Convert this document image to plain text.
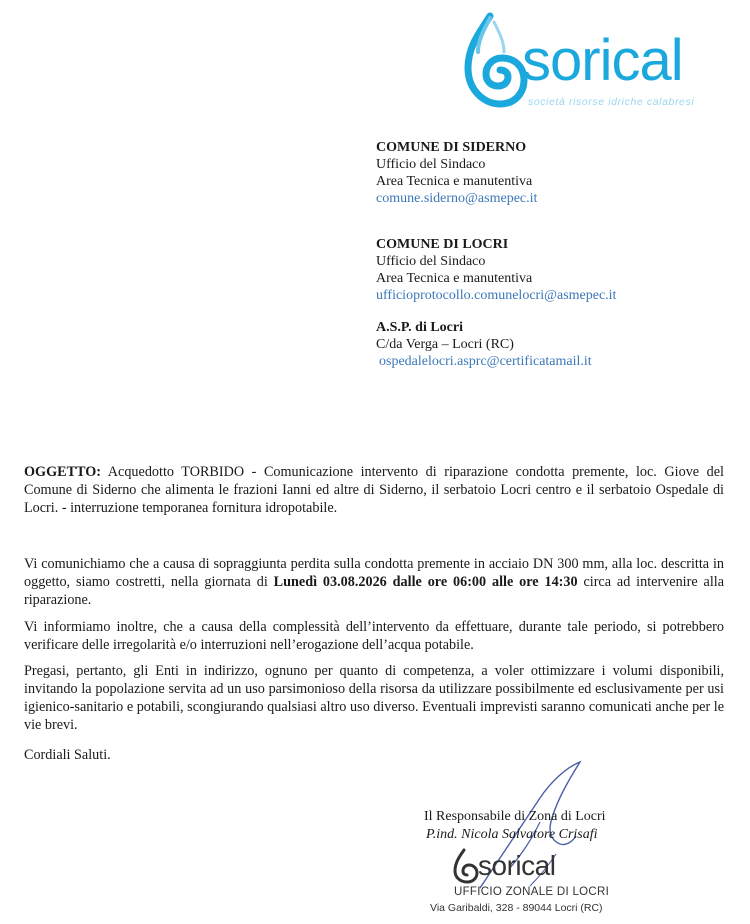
sorical
società risorse idriche calabresi
COMUNE DI SIDERNO
Ufficio del Sindaco
Area Tecnica e manutentiva
comune.siderno@asmepec.it
COMUNE DI LOCRI
Ufficio del Sindaco
Area Tecnica e manutentiva
ufficioprotocollo.comunelocri@asmepec.it
A.S.P. di Locri
C/da Verga – Locri (RC)
ospedalelocri.asprc@certificatamail.it
OGGETTO: Acquedotto TORBIDO - Comunicazione intervento di riparazione condotta premente, loc. Giove del Comune di Siderno che alimenta le frazioni Ianni ed altre di Siderno, il serbatoio Locri centro e il serbatoio Ospedale di Locri. - interruzione temporanea fornitura idropotabile.
Vi comunichiamo che a causa di sopraggiunta perdita sulla condotta premente in acciaio DN 300 mm, alla loc. descritta in oggetto, siamo costretti, nella giornata di Lunedì 03.08.2026 dalle ore 06:00 alle ore 14:30 circa ad intervenire alla riparazione.
Vi informiamo inoltre, che a causa della complessità dell’intervento da effettuare, durante tale periodo, si potrebbero verificare delle irregolarità e/o interruzioni nell’erogazione dell’acqua potabile.
Pregasi, pertanto, gli Enti in indirizzo, ognuno per quanto di competenza, a voler ottimizzare i volumi disponibili, invitando la popolazione servita ad un uso parsimonioso della risorsa da utilizzare possibilmente ed esclusivamente per usi igienico-sanitario e potabili, scongiurando qualsiasi altro uso diverso. Eventuali imprevisti saranno comunicati anche per le vie brevi.
Cordiali Saluti.
Il Responsabile di Zona di Locri
P.ind. Nicola Salvatore Crisafi
sorical
UFFICIO ZONALE DI LOCRI
Via Garibaldi, 328 - 89044 Locri (RC)
